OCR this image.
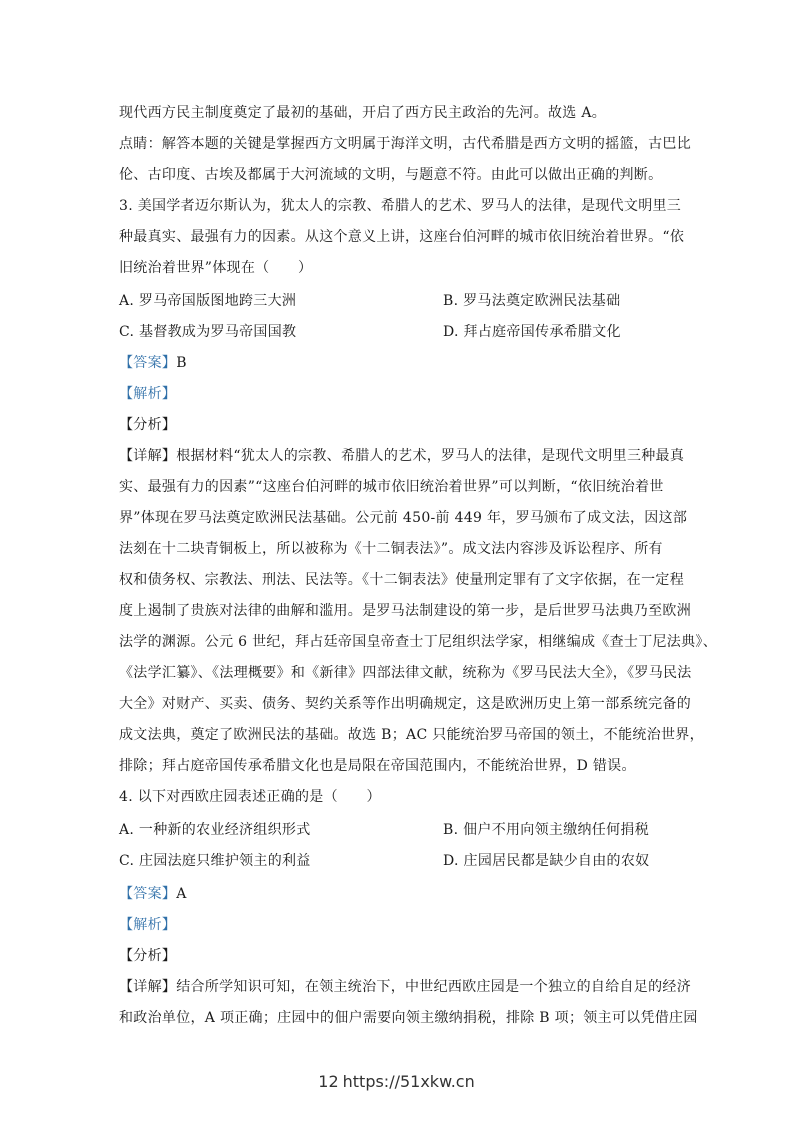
现代西方民主制度奠定了最初的基础，开启了西方民主政治的先河。故选 A。
点睛：解答本题的关键是掌握西方文明属于海洋文明，古代希腊是西方文明的摇篮，古巴比
伦、古印度、古埃及都属于大河流域的文明，与题意不符。由此可以做出正确的判断。
3. 美国学者迈尔斯认为，犹太人的宗教、希腊人的艺术、罗马人的法律，是现代文明里三
种最真实、最强有力的因素。从这个意义上讲，这座台伯河畔的城市依旧统治着世界。“依
旧统治着世界”体现在（　　）
A. 罗马帝国版图地跨三大洲	B. 罗马法奠定欧洲民法基础
C. 基督教成为罗马帝国国教	D. 拜占庭帝国传承希腊文化
【答案】B
【解析】
【分析】
【详解】根据材料“犹太人的宗教、希腊人的艺术，罗马人的法律，是现代文明里三种最真
实、最强有力的因素”“这座台伯河畔的城市依旧统治着世界”可以判断，“依旧统治着世
界”体现在罗马法奠定欧洲民法基础。公元前 450-前 449 年，罗马颁布了成文法，因这部
法刻在十二块青铜板上，所以被称为《十二铜表法》”。成文法内容涉及诉讼程序、所有
权和债务权、宗教法、刑法、民法等。《十二铜表法》使量刑定罪有了文字依据，在一定程
度上遏制了贵族对法律的曲解和滥用。是罗马法制建设的第一步，是后世罗马法典乃至欧洲
法学的渊源。公元 6 世纪，拜占廷帝国皇帝查士丁尼组织法学家，相继编成《查士丁尼法典》、
《法学汇纂》、《法理概要》和《新律》四部法律文献，统称为《罗马民法大全》，《罗马民法
大全》对财产、买卖、债务、契约关系等作出明确规定，这是欧洲历史上第一部系统完备的
成文法典，奠定了欧洲民法的基础。故选 B；AC 只能统治罗马帝国的领土，不能统治世界，
排除；拜占庭帝国传承希腊文化也是局限在帝国范围内，不能统治世界，D 错误。
4. 以下对西欧庄园表述正确的是（　　）
A. 一种新的农业经济组织形式	B. 佃户不用向领主缴纳任何捐税
C. 庄园法庭只维护领主的利益	D. 庄园居民都是缺少自由的农奴
【答案】A
【解析】
【分析】
【详解】结合所学知识可知，在领主统治下，中世纪西欧庄园是一个独立的自给自足的经济
和政治单位，A 项正确；庄园中的佃户需要向领主缴纳捐税，排除 B 项；领主可以凭借庄园
12 https://51xkw.cn
